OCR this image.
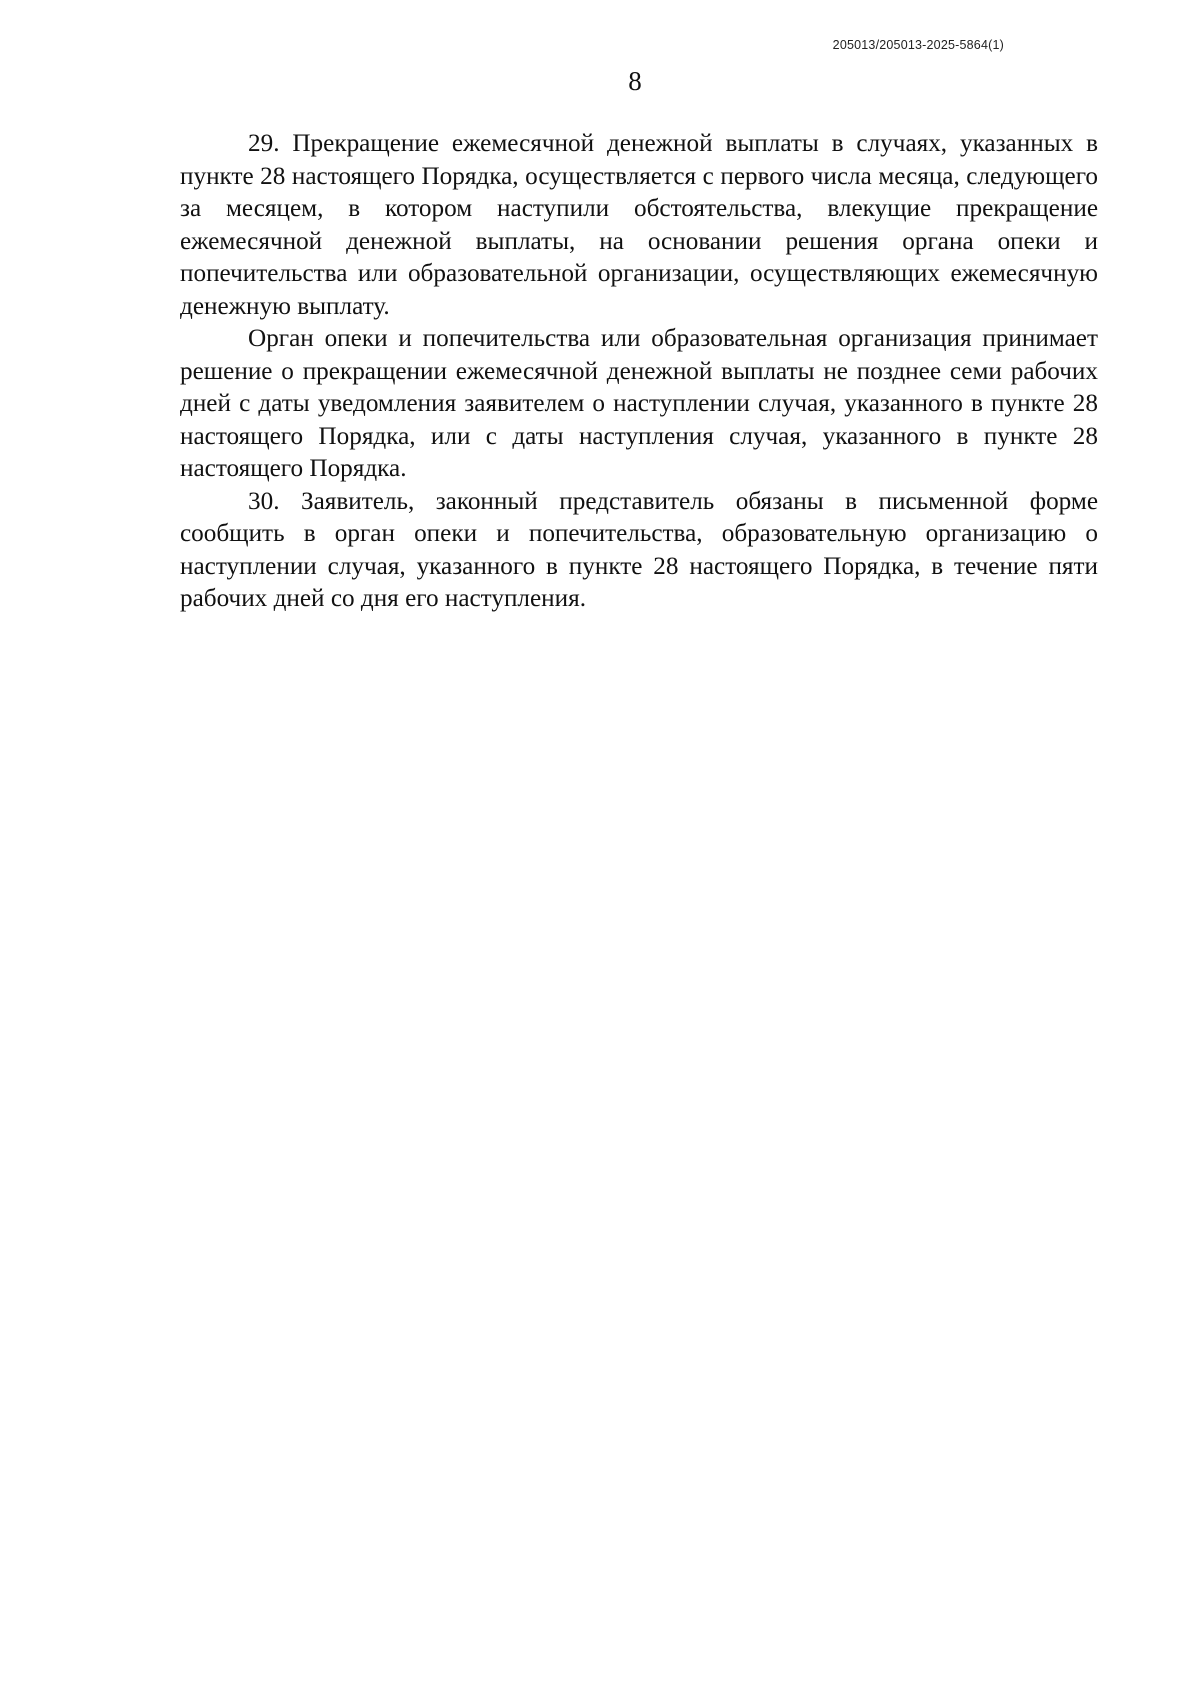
205013/205013-2025-5864(1)
8

29. Прекращение ежемесячной денежной выплаты в случаях, указанных в пункте 28 настоящего Порядка, осуществляется с первого числа месяца, следующего за месяцем, в котором наступили обстоятельства, влекущие прекращение ежемесячной денежной выплаты, на основании решения органа опеки и попечительства или образовательной организации, осуществляющих ежемесячную денежную выплату.

Орган опеки и попечительства или образовательная организация принимает решение о прекращении ежемесячной денежной выплаты не позднее семи рабочих дней с даты уведомления заявителем о наступлении случая, указанного в пункте 28 настоящего Порядка, или с даты наступления случая, указанного в пункте 28 настоящего Порядка.

30. Заявитель, законный представитель обязаны в письменной форме сообщить в орган опеки и попечительства, образовательную организацию о наступлении случая, указанного в пункте 28 настоящего Порядка, в течение пяти рабочих дней со дня его наступления.
